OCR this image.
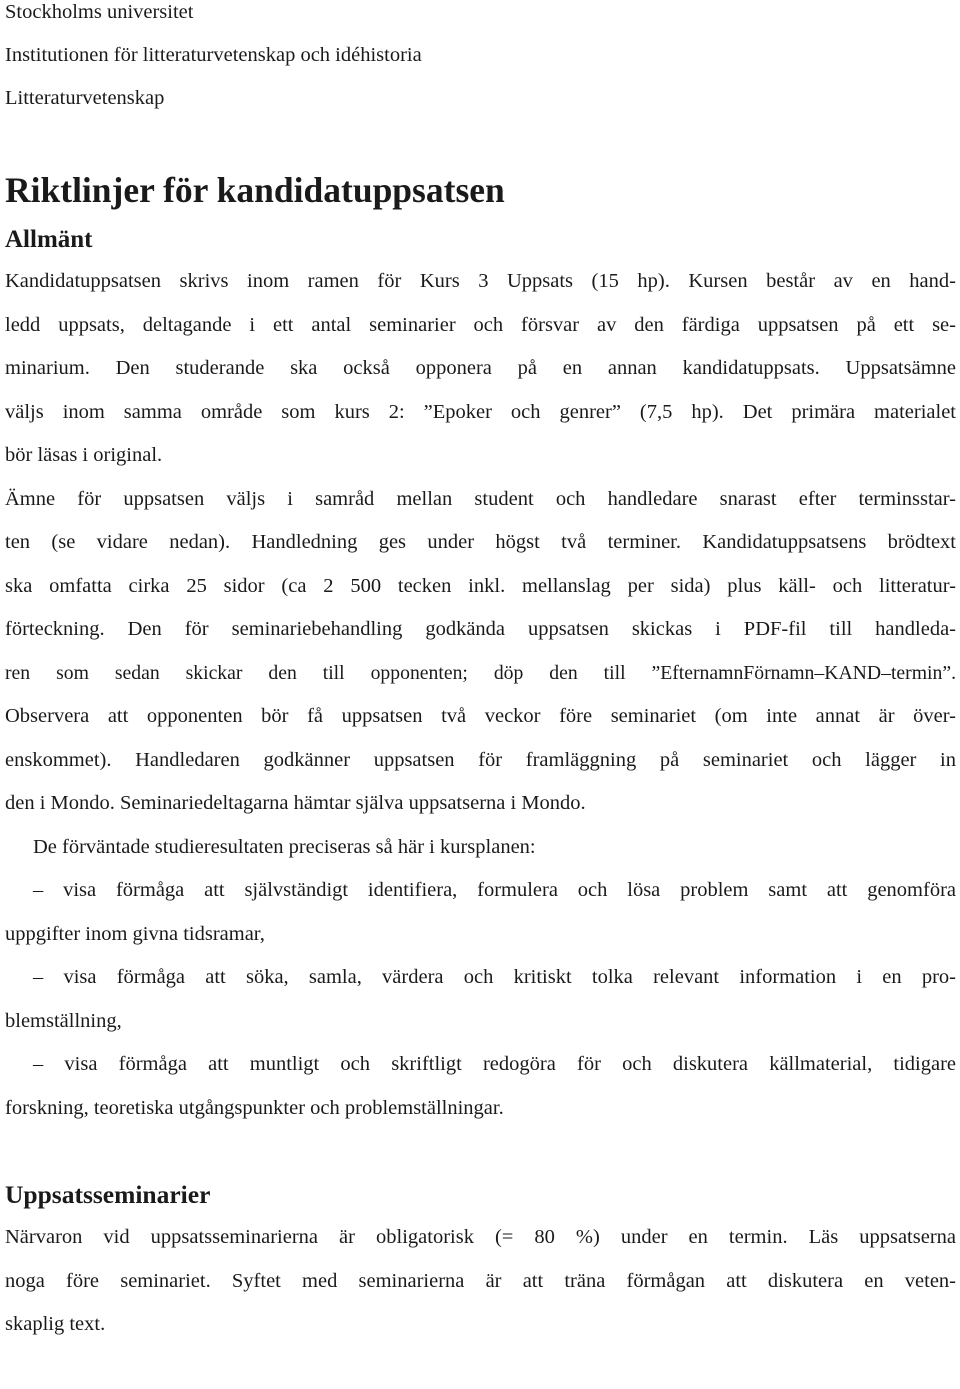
Stockholms universitet
Institutionen för litteraturvetenskap och idéhistoria
Litteraturvetenskap
Riktlinjer för kandidatuppsatsen
Allmänt
Kandidatuppsatsen skrivs inom ramen för Kurs 3 Uppsats (15 hp). Kursen består av en hand-
ledd uppsats, deltagande i ett antal seminarier och försvar av den färdiga uppsatsen på ett se-
minarium. Den studerande ska också opponera på en annan kandidatuppsats. Uppsatsämne
väljs inom samma område som kurs 2: ”Epoker och genrer” (7,5 hp). Det primära materialet
bör läsas i original.
Ämne för uppsatsen väljs i samråd mellan student och handledare snarast efter terminsstar-
ten (se vidare nedan). Handledning ges under högst två terminer. Kandidatuppsatsens brödtext
ska omfatta cirka 25 sidor (ca 2 500 tecken inkl. mellanslag per sida) plus käll- och litteratur-
förteckning. Den för seminariebehandling godkända uppsatsen skickas i PDF-fil till handleda-
ren som sedan skickar den till opponenten; döp den till ”EfternamnFörnamn–KAND–termin”.
Observera att opponenten bör få uppsatsen två veckor före seminariet (om inte annat är över-
enskommet). Handledaren godkänner uppsatsen för framläggning på seminariet och lägger in
den i Mondo. Seminariedeltagarna hämtar själva uppsatserna i Mondo.
De förväntade studieresultaten preciseras så här i kursplanen:
– visa förmåga att självständigt identifiera, formulera och lösa problem samt att genomföra
uppgifter inom givna tidsramar,
– visa förmåga att söka, samla, värdera och kritiskt tolka relevant information i en pro-
blemställning,
– visa förmåga att muntligt och skriftligt redogöra för och diskutera källmaterial, tidigare
forskning, teoretiska utgångspunkter och problemställningar.
Uppsatsseminarier
Närvaron vid uppsatsseminarierna är obligatorisk (= 80 %) under en termin. Läs uppsatserna
noga före seminariet. Syftet med seminarierna är att träna förmågan att diskutera en veten-
skaplig text.
